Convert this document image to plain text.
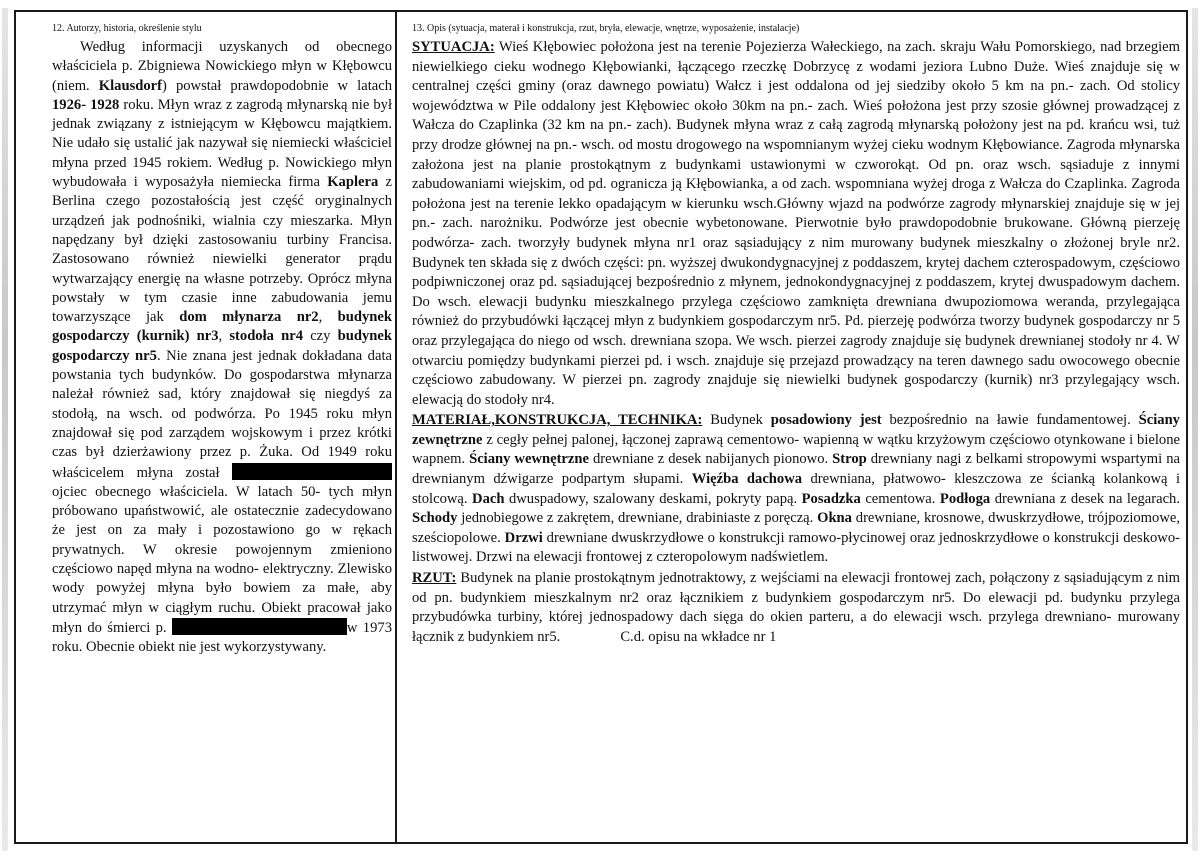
12. Autorzy, historia, określenie stylu

Według informacji uzyskanych od obecnego właściciela p. Zbigniewa Nowickiego młyn w Kłębowcu (niem. Klausdorf) powstał prawdopodobnie w latach 1926- 1928 roku. Młyn wraz z zagrodą młynarską nie był jednak związany z istniejącym w Kłębowcu majątkiem. Nie udało się ustalić jak nazywał się niemiecki właściciel młyna przed 1945 rokiem. Według p. Nowickiego młyn wybudowała i wyposażyła niemiecka firma Kaplera z Berlina czego pozostałością jest część oryginalnych urządzeń jak podnośniki, wialnia czy mieszarka. Młyn napędzany był dzięki zastosowaniu turbiny Francisa. Zastosowano również niewielki generator prądu wytwarzający energię na własne potrzeby. Oprócz młyna powstały w tym czasie inne zabudowania jemu towarzyszące jak dom młynarza nr2, budynek gospodarczy (kurnik) nr3, stodoła nr4 czy budynek gospodarczy nr5. Nie znana jest jednak dokładana data powstania tych budynków. Do gospodarstwa młynarza należał również sad, który znajdował się niegdyś za stodołą, na wsch. od podwórza. Po 1945 roku młyn znajdował się pod zarządem wojskowym i przez krótki czas był dzierżawiony przez p. Żuka. Od 1949 roku właścicelem młyna został ojciec obecnego właściciela. W latach 50- tych młyn próbowano upaństwowić, ale ostatecznie zadecydowano że jest on za mały i pozostawiono go w rękach prywatnych. W okresie powojennym zmieniono częściowo napęd młyna na wodno- elektryczny. Zlewisko wody powyżej młyna było bowiem za małe, aby utrzymać młyn w ciągłym ruchu. Obiekt pracował jako młyn do śmierci p.	w 1973 roku. Obecnie obiekt nie jest wykorzystywany.

13. Opis (sytuacja, materał i konstrukcja, rzut, bryła, elewacje, wnętrze, wyposażenie, instalacje)

SYTUACJA: Wieś Kłębowiec położona jest na terenie Pojezierza Wałeckiego, na zach. skraju Wału Pomorskiego, nad brzegiem niewielkiego cieku wodnego Kłębowianki, łączącego rzeczkę Dobrzycę z wodami jeziora Lubno Duże. Wieś znajduje się w centralnej części gminy (oraz dawnego powiatu) Wałcz i jest oddalona od jej siedziby około 5 km na pn.- zach. Od stolicy województwa w Pile oddalony jest Kłębowiec około 30km na pn.- zach. Wieś położona jest przy szosie głównej prowadzącej z Wałcza do Czaplinka (32 km na pn.- zach). Budynek młyna wraz z całą zagrodą młynarską położony jest na pd. krańcu wsi, tuż przy drodze głównej na pn.- wsch. od mostu drogowego na wspomnianym wyżej cieku wodnym Kłębowiance. Zagroda młynarska założona jest na planie prostokątnym z budynkami ustawionymi w czworokąt. Od pn. oraz wsch. sąsiaduje z innymi zabudowaniami wiejskim, od pd. ogranicza ją Kłębowianka, a od zach. wspomniana wyżej droga z Wałcza do Czaplinka. Zagroda położona jest na terenie lekko opadającym w kierunku wsch.Główny wjazd na podwórze zagrody młynarskiej znajduje się w jej pn.- zach. narożniku. Podwórze jest obecnie wybetonowane. Pierwotnie było prawdopodobnie brukowane. Główną pierzeję podwórza- zach. tworzyły budynek młyna nr1 oraz sąsiadujący z nim murowany budynek mieszkalny o złożonej bryle nr2. Budynek ten składa się z dwóch części: pn. wyższej dwukondygnacyjnej z poddaszem, krytej dachem czterospadowym, częściowo podpiwniczonej oraz pd. sąsiadującej bezpośrednio z młynem, jednokondygnacyjnej z poddaszem, krytej dwuspadowym dachem. Do wsch. elewacji budynku mieszkalnego przylega częściowo zamknięta drewniana dwupoziomowa weranda, przylegająca również do przybudówki łączącej młyn z budynkiem gospodarczym nr5. Pd. pierzeję podwórza tworzy budynek gospodarczy nr 5 oraz przylegająca do niego od wsch. drewniana szopa. We wsch. pierzei zagrody znajduje się budynek drewnianej stodoły nr 4. W otwarciu pomiędzy budynkami pierzei pd. i wsch. znajduje się przejazd prowadzący na teren dawnego sadu owocowego obecnie częściowo zabudowany. W pierzei pn. zagrody znajduje się niewielki budynek gospodarczy (kurnik) nr3 przylegający wsch. elewacją do stodoły nr4.

MATERIAŁ,KONSTRUKCJA, TECHNIKA: Budynek posadowiony jest bezpośrednio na ławie fundamentowej. Ściany zewnętrzne z cegły pełnej palonej, łączonej zaprawą cementowo- wapienną w wątku krzyżowym częściowo otynkowane i bielone wapnem. Ściany wewnętrzne drewniane z desek nabijanych pionowo. Strop drewniany nagi z belkami stropowymi wspartymi na drewnianym dźwigarze podpartym słupami. Więźba dachowa drewniana, płatwowo- kleszczowa ze ścianką kolankową i stolcową. Dach dwuspadowy, szalowany deskami, pokryty papą. Posadzka cementowa. Podłoga drewniana z desek na legarach. Schody jednobiegowe z zakrętem, drewniane, drabiniaste z poręczą. Okna drewniane, krosnowe, dwuskrzydłowe, trójpoziomowe, sześciopolowe. Drzwi drewniane dwuskrzydłowe o konstrukcji ramowo-płycinowej oraz jednoskrzydłowe o konstrukcji deskowo- listwowej. Drzwi na elewacji frontowej z czteropolowym nadświetlem.

RZUT: Budynek na planie prostokątnym jednotraktowy, z wejściami na elewacji frontowej zach, połączony z sąsiadującym z nim od pn. budynkiem mieszkalnym nr2 oraz łącznikiem z budynkiem gospodarczym nr5. Do elewacji pd. budynku przylega przybudówka turbiny, której jednospadowy dach sięga do okien parteru, a do elewacji wsch. przylega drewniano- murowany łącznik z budynkiem nr5.	C.d. opisu na wkładce nr 1
